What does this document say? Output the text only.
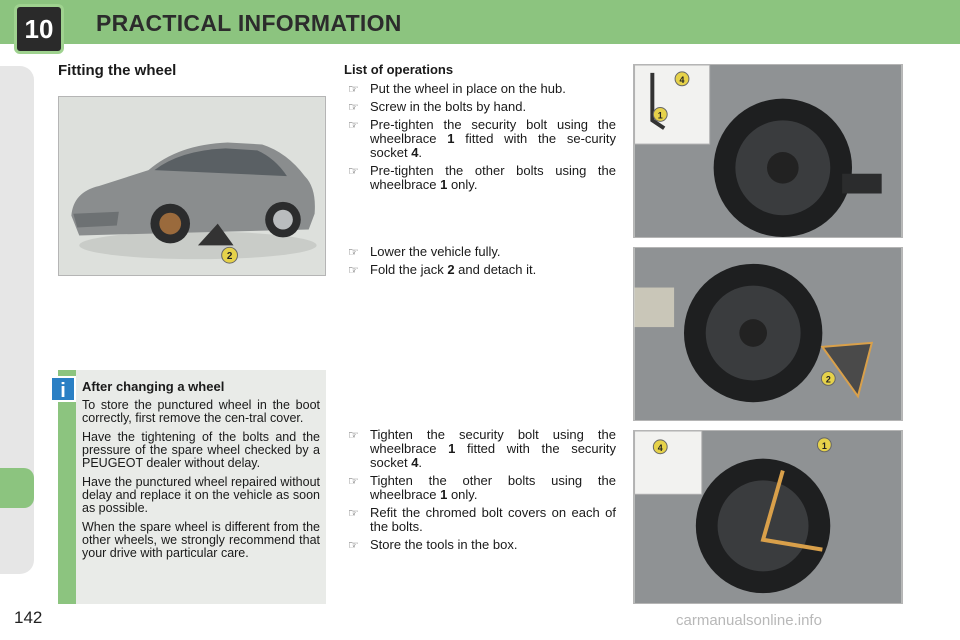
10	PRACTICAL INFORMATION
142
Fitting the wheel	List of operations
2
4
1
2
4	1
☞ Put the wheel in place on the hub.
☞ Screw in the bolts by hand.
☞ Pre-tighten the security bolt using the wheelbrace 1 fitted with the se-curity socket 4.
☞ Pre-tighten the other bolts using the wheelbrace 1 only.
☞ Lower the vehicle fully.
☞ Fold the jack 2 and detach it.
☞ Tighten the security bolt using the wheelbrace 1 fitted with the security socket 4.
☞ Tighten the other bolts using the wheelbrace 1 only.
☞ Refit the chromed bolt covers on each of the bolts.
☞ Store the tools in the box.
i	After changing a wheel

To store the punctured wheel in the boot correctly, first remove the cen-tral cover.

Have the tightening of the bolts and the pressure of the spare wheel checked by a PEUGEOT dealer without delay.

Have the punctured wheel repaired without delay and replace it on the vehicle as soon as possible.

When the spare wheel is different from the other wheels, we strongly recommend that your drive with particular care.

carmanualsonline.info
